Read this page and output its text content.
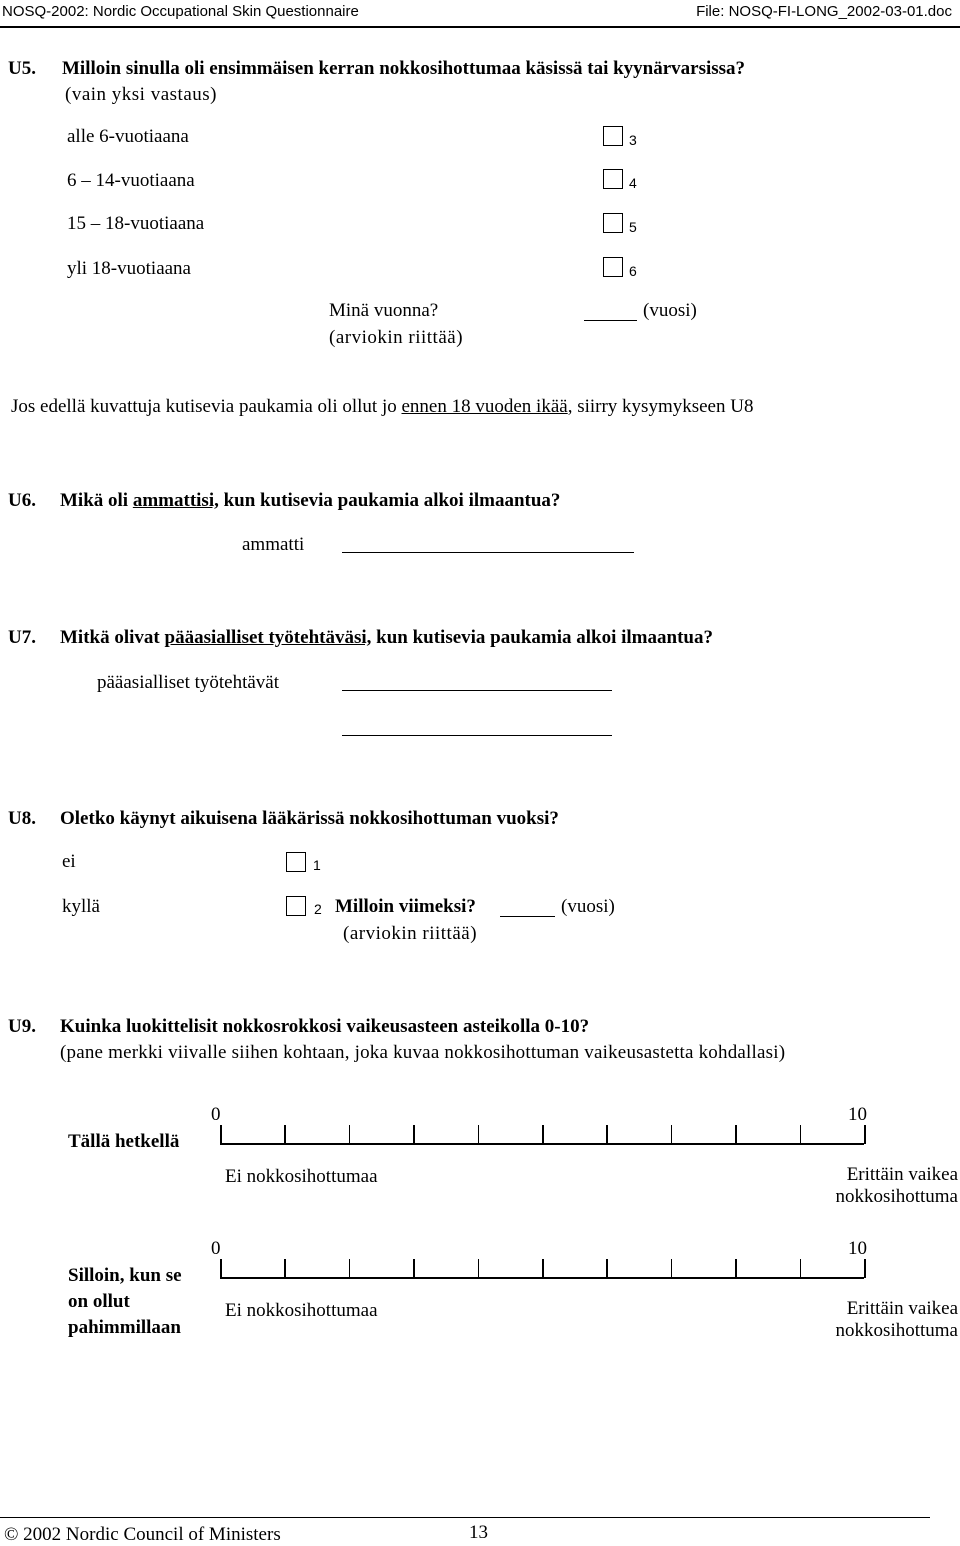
NOSQ-2002: Nordic Occupational Skin Questionnaire	File: NOSQ-FI-LONG_2002-03-01.doc
U5. Milloin sinulla oli ensimmäisen kerran nokkosihottumaa käsissä tai kyynärvarsissa?
(vain yksi vastaus)
alle 6-vuotiaana	3
6 – 14-vuotiaana	4
15 – 18-vuotiaana	5
yli 18-vuotiaana	6
Minä vuonna?
(arviokin riittää)
(vuosi)
Jos edellä kuvattuja kutisevia paukamia oli ollut jo ennen 18 vuoden ikää, siirry kysymykseen U8
U6. Mikä oli ammattisi, kun kutisevia paukamia alkoi ilmaantua?
ammatti
U7. Mitkä olivat pääasialliset työtehtäväsi, kun kutisevia paukamia alkoi ilmaantua?
pääasialliset työtehtävät
U8. Oletko käynyt aikuisena lääkärissä nokkosihottuman vuoksi?
ei	1
kyllä	2 Milloin viimeksi?	(vuosi)
(arviokin riittää)
U9. Kuinka luokittelisit nokkosrokkosi vaikeusasteen asteikolla 0-10?
(pane merkki viivalle siihen kohtaan, joka kuvaa nokkosihottuman vaikeusastetta kohdallasi)
Tällä hetkellä
0	10
Ei nokkosihottumaa	Erittäin vaikea
nokkosihottuma
Silloin, kun se
on ollut
pahimmillaan
0	10
Ei nokkosihottumaa	Erittäin vaikea
nokkosihottuma
© 2002 Nordic Council of Ministers	13
